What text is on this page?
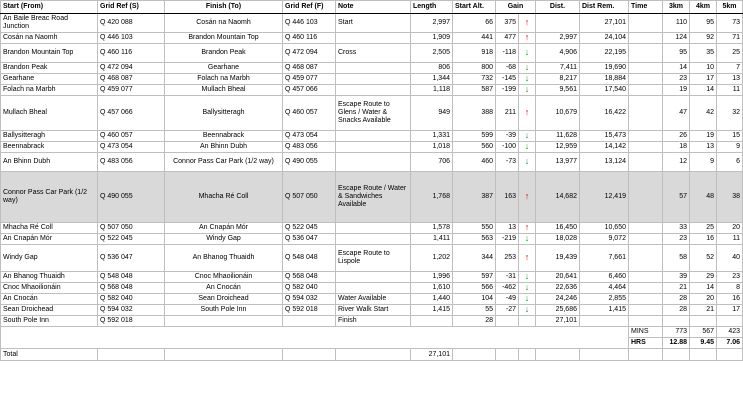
Start (From)	Grid Ref (S)	Finish (To)	Grid Ref (F)	Note	Length	Start Alt.	Gain		Dist.	Dist Rem.	Time	3km	4km	5km
An Baile Breac Road Junction	Q 420 088	Cosán na Naomh	Q 446 103	Start	2,997	66	375	↑		27,101		110	95	73
Cosán na Naomh	Q 446 103	Brandon Mountain Top	Q 460 116		1,909	441	477	↑	2,997	24,104		124	92	71
Brandon Mountain Top	Q 460 116	Brandon Peak	Q 472 094	Cross	2,505	918	-118	↓	4,906	22,195		95	35	25
Brandon Peak	Q 472 094	Gearhane	Q 468 087		806	800	-68	↓	7,411	19,690		14	10	7
Gearhane	Q 468 087	Folach na Marbh	Q 459 077		1,344	732	-145	↓	8,217	18,884		23	17	13
Folach na Marbh	Q 459 077	Mullach Bheal	Q 457 066		1,118	587	-199	↓	9,561	17,540		19	14	11
Mullach Bheal	Q 457 066	Ballysitteragh	Q 460 057	Escape Route to Glens / Water & Snacks Available	949	388	211	↑	10,679	16,422		47	42	32
Ballysitteragh	Q 460 057	Beennabrack	Q 473 054		1,331	599	-39	↓	11,628	15,473		26	19	15
Beennabrack	Q 473 054	An Bhinn Dubh	Q 483 056		1,018	560	-100	↓	12,959	14,142		18	13	9
An Bhinn Dubh	Q 483 056	Connor Pass Car Park (1/2 way)	Q 490 055		706	460	-73	↓	13,977	13,124		12	9	6
Connor Pass Car Park (1/2 way)	Q 490 055	Mhacha Ré Coll	Q 507 050	Escape Route / Water & Sandwiches Available	1,768	387	163	↑	14,682	12,419		57	48	38
Mhacha Ré Coll	Q 507 050	An Cnapán Mór	Q 522 045		1,578	550	13	↑	16,450	10,650		33	25	20
An Cnapán Mór	Q 522 045	Windy Gap	Q 536 047		1,411	563	-219	↓	18,028	9,072		23	16	11
Windy Gap	Q 536 047	An Bhanog Thuaidh	Q 548 048	Escape Route to Lispole	1,202	344	253	↑	19,439	7,661		58	52	40
An Bhanog Thuaidh	Q 548 048	Cnoc Mhaoilionáin	Q 568 048		1,996	597	-31	↓	20,641	6,460		39	29	23
Cnoc Mhaoilionáin	Q 568 048	An Cnocán	Q 582 040		1,610	566	-462	↓	22,636	4,464		21	14	8
An Cnocán	Q 582 040	Sean Droichead	Q 594 032	Water Available	1,440	104	-49	↓	24,246	2,855		28	20	16
Sean Droichead	Q 594 032	South Pole Inn	Q 592 018	River Walk Start	1,415	55	-27	↓	25,686	1,415		28	21	17
South Pole Inn	Q 592 018			Finish		28			27,101					
											MINS	773	567	423
											HRS	12.88	9.45	7.06
Total					27,101									
